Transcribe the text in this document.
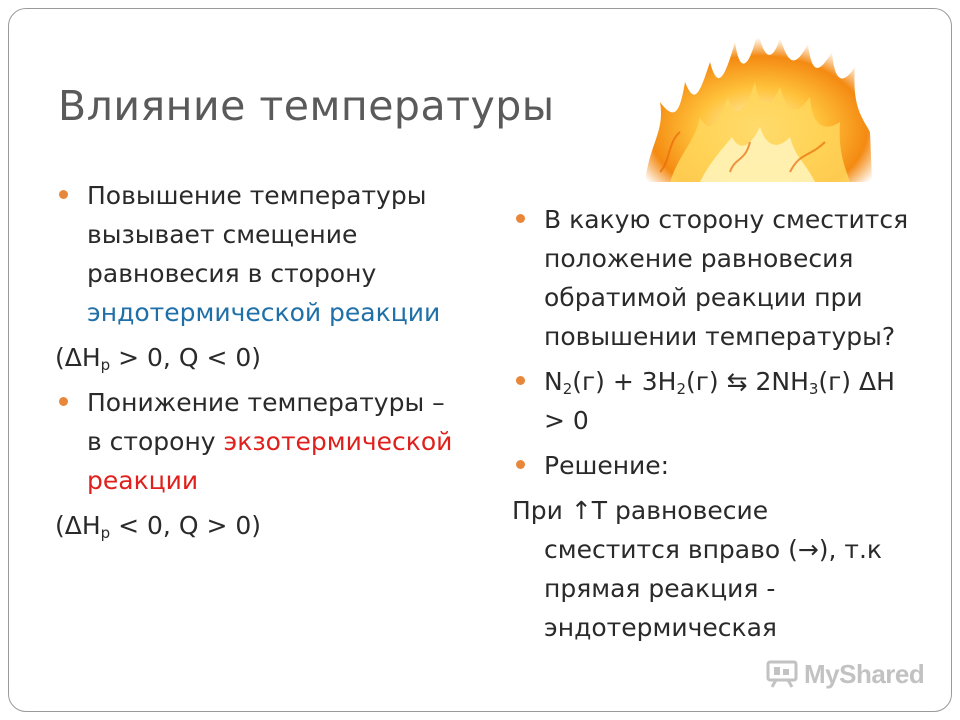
Влияние температуры
Повышение температуры
вызывает смещение
равновесия в сторону
эндотермической реакции
($\Delta H_р > 0$, Q < 0)
Понижение температуры –
в сторону экзотермической
реакции
($\Delta H_р < 0$, Q > 0)
В какую сторону сместится
положение равновесия
обратимой реакции при
повышении температуры?
$N_2(г) + 3H_2(г)$ ⇆ $2NH_3(г)$ ΔH
> 0
Решение:
При ↑T равновесие
сместится вправо (→), т.к
прямая реакция -
эндотермическая
MyShared
